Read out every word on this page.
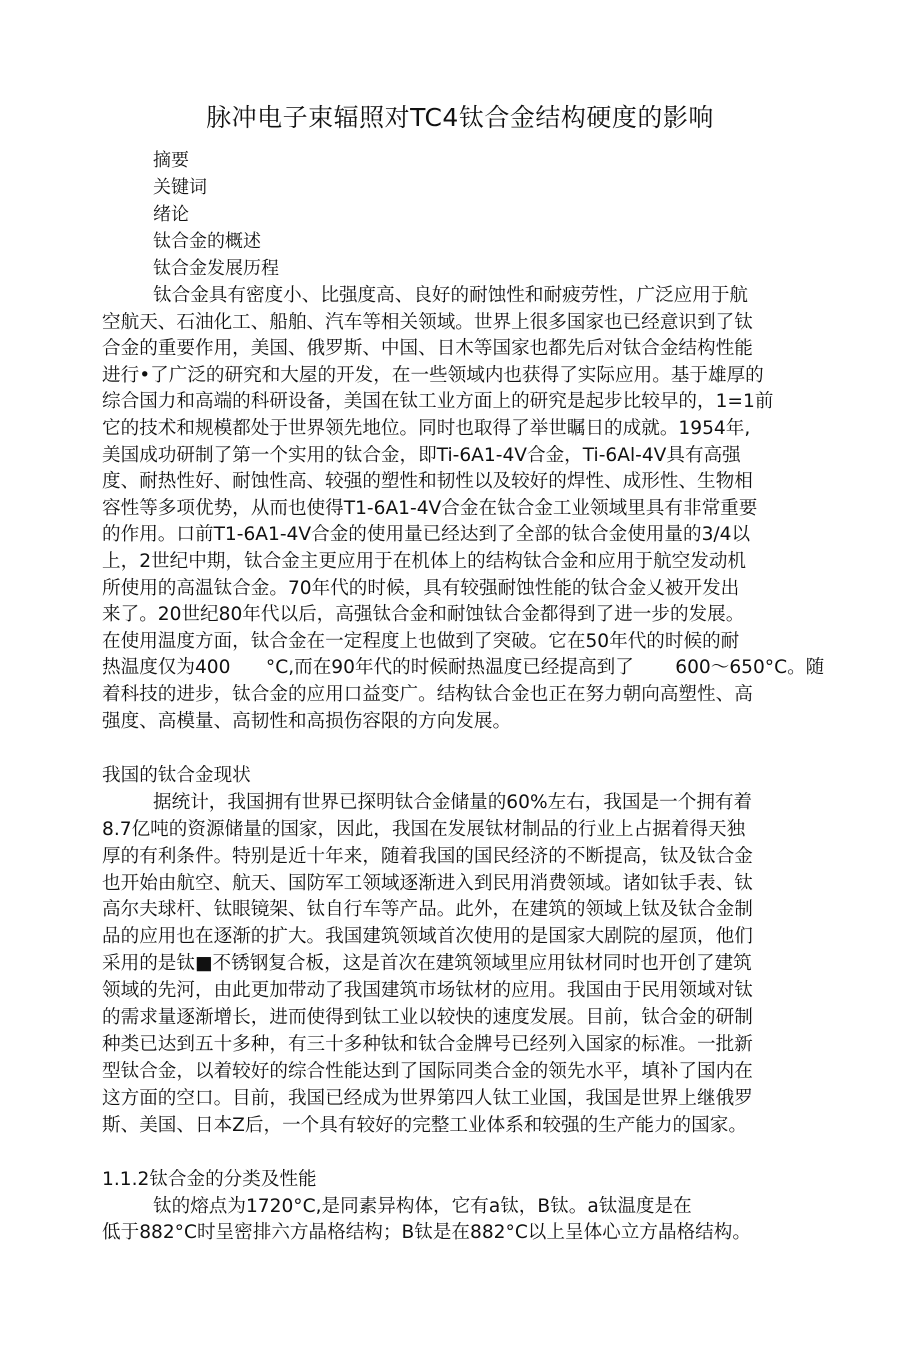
脉冲电子束辐照对TC4钛合金结构硬度的影响
摘要
关键词
绪论
钛合金的概述
钛合金发展历程
钛合金具有密度小、比强度高、良好的耐蚀性和耐疲劳性，广泛应用于航
空航天、石油化工、船舶、汽车等相关领域。世界上很多国家也已经意识到了钛
合金的重要作用，美国、俄罗斯、中国、日木等国家也都先后对钛合金结构性能
进行•了广泛的研究和大屋的开发，在一些领域内也获得了实际应用。基于雄厚的
综合国力和高端的科研设备，美国在钛工业方面上的研究是起步比较早的，1=1前
它的技术和规模都处于世界领先地位。同时也取得了举世瞩日的成就。1954年,
美国成功研制了第一个实用的钛合金，即Ti-6A1-4V合金，Ti-6Al-4V具有高强
度、耐热性好、耐蚀性高、较强的塑性和韧性以及较好的焊性、成形性、生物相
容性等多项优势，从而也使得T1-6A1-4V合金在钛合金工业领域里具有非常重要
的作用。口前T1-6A1-4V合金的使用量已经达到了全部的钛合金使用量的3/4以
上，2世纪中期，钛合金主更应用于在机体上的结构钛合金和应用于航空发动机
所使用的高温钛合金。70年代的时候，具有较强耐蚀性能的钛合金乂被开发出
来了。20世纪80年代以后，高强钛合金和耐蚀钛合金都得到了进一步的发展。
在使用温度方面，钛合金在一定程度上也做到了突破。它在50年代的时候的耐
热温度仅为400      °C,而在90年代的时候耐热温度已经提高到了       600～650°C。随
着科技的进步，钛合金的应用口益变广。结构钛合金也正在努力朝向高塑性、高
强度、高模量、高韧性和高损伤容限的方向发展。
我国的钛合金现状
据统计，我国拥有世界已探明钛合金储量的60%左右，我国是一个拥有着
8.7亿吨的资源储量的国家，因此，我国在发展钛材制品的行业上占据着得天独
厚的有利条件。特别是近十年来，随着我国的国民经济的不断提高，钛及钛合金
也开始由航空、航天、国防军工领域逐渐进入到民用消费领域。诸如钛手表、钛
高尔夫球杆、钛眼镜架、钛自行车等产品。此外，在建筑的领域上钛及钛合金制
品的应用也在逐渐的扩大。我国建筑领域首次使用的是国家大剧院的屋顶，他们
采用的是钛■不锈钢复合板，这是首次在建筑领域里应用钛材同时也开创了建筑
领域的先河，由此更加带动了我国建筑市场钛材的应用。我国由于民用领域对钛
的需求量逐渐增长，进而使得到钛工业以较快的速度发展。目前，钛合金的研制
种类已达到五十多种，有三十多种钛和钛合金牌号已经列入国家的标准。一批新
型钛合金，以着较好的综合性能达到了国际同类合金的领先水平，填补了国内在
这方面的空口。目前，我国已经成为世界第四人钛工业国，我国是世界上继俄罗
斯、美国、日本Z后，一个具有较好的完整工业体系和较强的生产能力的国家。
1.1.2钛合金的分类及性能
钛的熔点为1720°C,是同素异构体，它有a钛，B钛。a钛温度是在
低于882°C时呈密排六方晶格结构；B钛是在882°C以上呈体心立方晶格结构。
